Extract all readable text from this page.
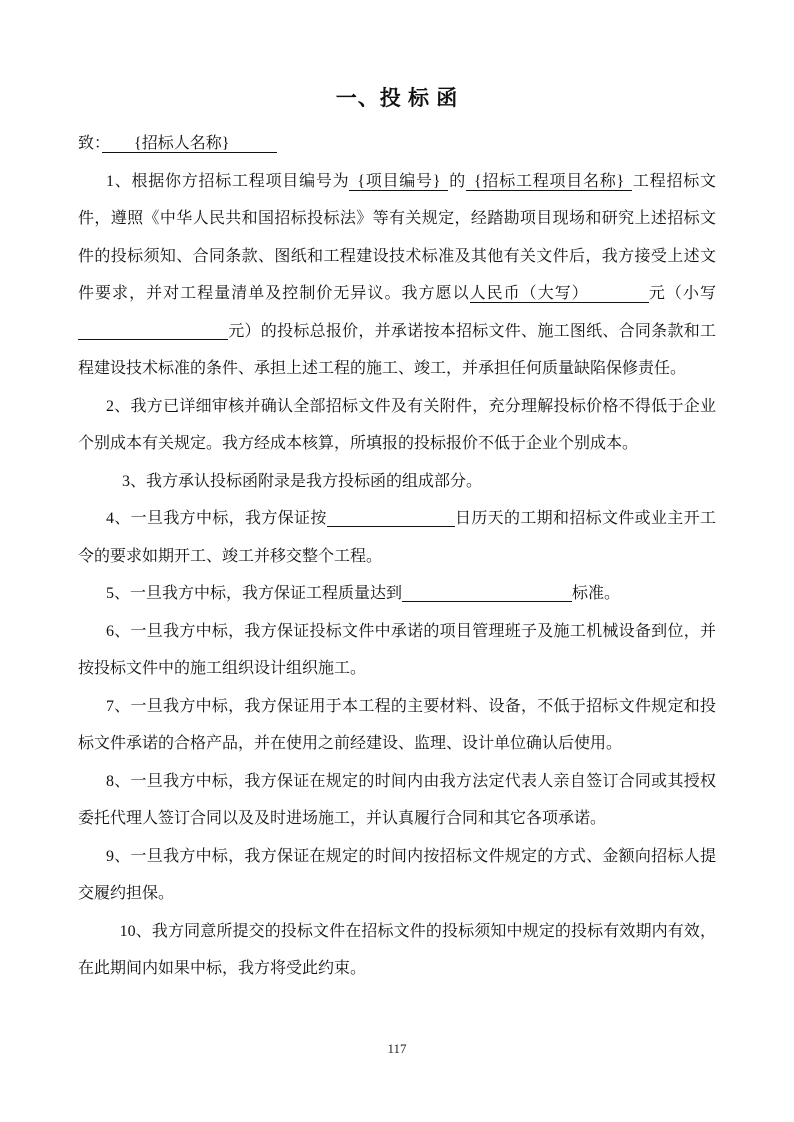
一、投 标 函
致：　　{招标人名称}　　　
1、根据你方招标工程项目编号为 {项目编号} 的 {招标工程项目名称} 工程招标文件，遵照《中华人民共和国招标投标法》等有关规定，经踏勘项目现场和研究上述招标文件的投标须知、合同条款、图纸和工程建设技术标准及其他有关文件后，我方接受上述文件要求，并对工程量清单及控制价无异议。我方愿以人民币（大写）　　　　元（小写元）的投标总报价，并承诺按本招标文件、施工图纸、合同条款和工程建设技术标准的条件、承担上述工程的施工、竣工，并承担任何质量缺陷保修责任。
2、我方已详细审核并确认全部招标文件及有关附件，充分理解投标价格不得低于企业个别成本有关规定。我方经成本核算，所填报的投标报价不低于企业个别成本。
3、我方承认投标函附录是我方投标函的组成部分。
4、一旦我方中标，我方保证按	日历天的工期和招标文件或业主开工令的要求如期开工、竣工并移交整个工程。
5、一旦我方中标，我方保证工程质量达到	标准。
6、一旦我方中标，我方保证投标文件中承诺的项目管理班子及施工机械设备到位，并按投标文件中的施工组织设计组织施工。
7、一旦我方中标，我方保证用于本工程的主要材料、设备，不低于招标文件规定和投标文件承诺的合格产品，并在使用之前经建设、监理、设计单位确认后使用。
8、一旦我方中标，我方保证在规定的时间内由我方法定代表人亲自签订合同或其授权委托代理人签订合同以及及时进场施工，并认真履行合同和其它各项承诺。
9、一旦我方中标，我方保证在规定的时间内按招标文件规定的方式、金额向招标人提交履约担保。
10、我方同意所提交的投标文件在招标文件的投标须知中规定的投标有效期内有效，在此期间内如果中标，我方将受此约束。
117
